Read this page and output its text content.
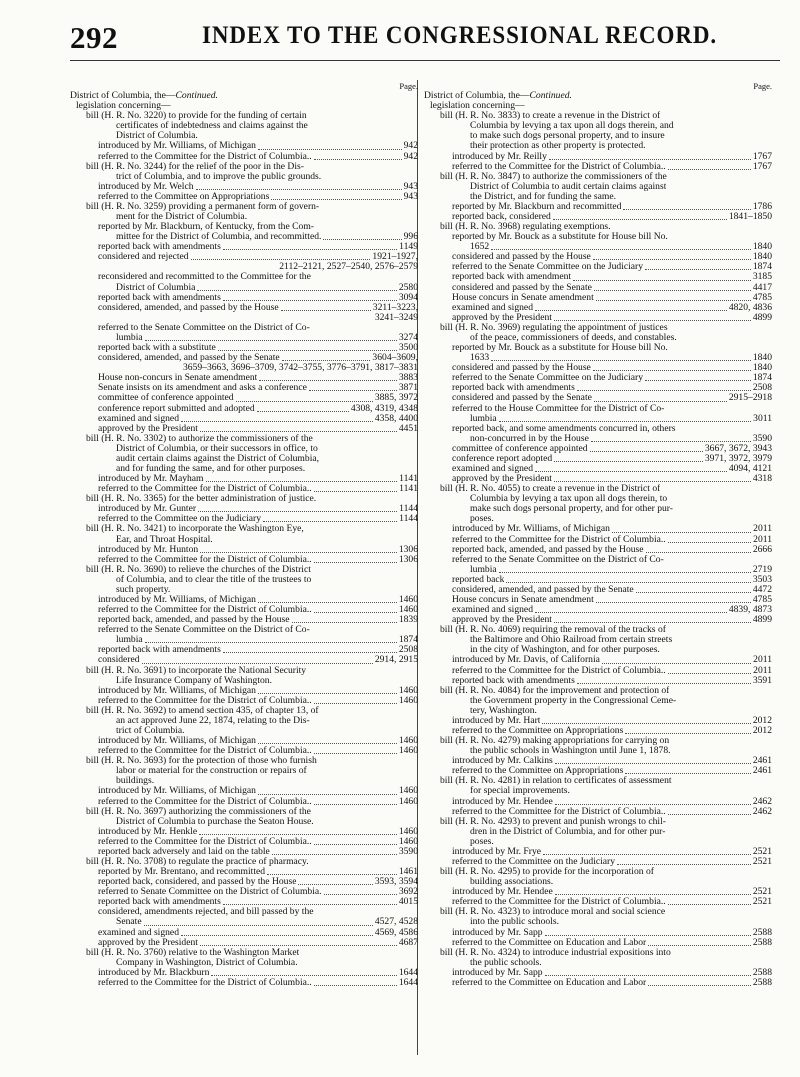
292	INDEX TO THE CONGRESSIONAL RECORD.
Page.
District of Columbia, the— Continued.
legislation concerning—
bill (H. R. No. 3220) to provide for the funding of certain
certificates of indebtedness and claims against the
District of Columbia.
introduced by Mr. Williams, of Michigan	942
referred to the Committee for the District of Columbia..	942
bill (H. R. No. 3244) for the relief of the poor in the Dis-
trict of Columbia, and to improve the public grounds.
introduced by Mr. Welch	943
referred to the Committee on Appropriations	943
bill (H. R. No. 3259) providing a permanent form of govern-
ment for the District of Columbia.
reported by Mr. Blackburn, of Kentucky, from the Com-
mittee for the District of Columbia, and recommitted.	996
reported back with amendments	1149
considered and rejected	1921–1927,
2112–2121, 2527–2540, 2576–2579
reconsidered and recommitted to the Committee for the
District of Columbia	2580
reported back with amendments	3094
considered, amended, and passed by the House	3211–3223,
3241–3249
referred to the Senate Committee on the District of Co-
lumbia	3274
reported back with a substitute	3500
considered, amended, and passed by the Senate	3604–3609,
3659–3663, 3696–3709, 3742–3755, 3776–3791, 3817–3831
House non-concurs in Senate amendment	3883
Senate insists on its amendment and asks a conference	3871
committee of conference appointed	3885, 3972
conference report submitted and adopted	4308, 4319, 4348
examined and signed	4358, 4400
approved by the President	4451
bill (H. R. No. 3302) to authorize the commissioners of the
District of Columbia, or their successors in office, to
audit certain claims against the District of Columbia,
and for funding the same, and for other purposes.
introduced by Mr. Mayham	1141
referred to the Committee for the District of Columbia..	1141
bill (H. R. No. 3365) for the better administration of justice.
introduced by Mr. Gunter	1144
referred to the Committee on the Judiciary	1144
bill (H. R. No. 3421) to incorporate the Washington Eye,
Ear, and Throat Hospital.
introduced by Mr. Hunton	1306
referred to the Committee for the District of Columbia..	1306
bill (H. R. No. 3690) to relieve the churches of the District
of Columbia, and to clear the title of the trustees to
such property.
introduced by Mr. Williams, of Michigan	1460
referred to the Committee for the District of Columbia..	1460
reported back, amended, and passed by the House	1839
referred to the Senate Committee on the District of Co-
lumbia	1874
reported back with amendments	2508
considered	2914, 2915
bill (H. R. No. 3691) to incorporate the National Security
Life Insurance Company of Washington.
introduced by Mr. Williams, of Michigan	1460
referred to the Committee for the District of Columbia..	1460
bill (H. R. No. 3692) to amend section 435, of chapter 13, of
an act approved June 22, 1874, relating to the Dis-
trict of Columbia.
introduced by Mr. Williams, of Michigan	1460
referred to the Committee for the District of Columbia..	1460
bill (H. R. No. 3693) for the protection of those who furnish
labor or material for the construction or repairs of
buildings.
introduced by Mr. Williams, of Michigan	1460
referred to the Committee for the District of Columbia..	1460
bill (H. R. No. 3697) authorizing the commissioners of the
District of Columbia to purchase the Seaton House.
introduced by Mr. Henkle	1460
referred to the Committee for the District of Columbia..	1460
reported back adversely and laid on the table	3590
bill (H. R. No. 3708) to regulate the practice of pharmacy.
reported by Mr. Brentano, and recommitted	1461
reported back, considered, and passed by the House	3593, 3594
referred to Senate Committee on the District of Columbia.	3692
reported back with amendments	4015
considered, amendments rejected, and bill passed by the
Senate	4527, 4528
examined and signed	4569, 4586
approved by the President	4687
bill (H. R. No. 3760) relative to the Washington Market
Company in Washington, District of Columbia.
introduced by Mr. Blackburn	1644
referred to the Committee for the District of Columbia..	1644
Page.
District of Columbia, the— Continued.
legislation concerning—
bill (H. R. No. 3833) to create a revenue in the District of
Columbia by levying a tax upon all dogs therein, and
to make such dogs personal property, and to insure
their protection as other property is protected.
introduced by Mr. Reilly	1767
referred to the Committee for the District of Columbia..	1767
bill (H. R. No. 3847) to authorize the commissioners of the
District of Columbia to audit certain claims against
the District, and for funding the same.
reported by Mr. Blackburn and recommitted	1786
reported back, considered	1841–1850
bill (H. R. No. 3968) regulating exemptions.
reported by Mr. Bouck as a substitute for House bill No.
1652	1840
considered and passed by the House	1840
referred to the Senate Committee on the Judiciary	1874
reported back with amendment	3185
considered and passed by the Senate	4417
House concurs in Senate amendment	4785
examined and signed	4820, 4836
approved by the President	4899
bill (H. R. No. 3969) regulating the appointment of justices
of the peace, commissioners of deeds, and constables.
reported by Mr. Bouck as a substitute for House bill No.
1633	1840
considered and passed by the House	1840
referred to the Senate Committee on the Judiciary	1874
reported back with amendments	2508
considered and passed by the Senate	2915–2918
referred to the House Committee for the District of Co-
lumbia	3011
reported back, and some amendments concurred in, others
non-concurred in by the House	3590
committee of conference appointed	3667, 3672, 3943
conference report adopted	3971, 3972, 3979
examined and signed	4094, 4121
approved by the President	4318
bill (H. R. No. 4055) to create a revenue in the District of
Columbia by levying a tax upon all dogs therein, to
make such dogs personal property, and for other pur-
poses.
introduced by Mr. Williams, of Michigan	2011
referred to the Committee for the District of Columbia..	2011
reported back, amended, and passed by the House	2666
referred to the Senate Committee on the District of Co-
lumbia	2719
reported back	3503
considered, amended, and passed by the Senate	4472
House concurs in Senate amendment	4785
examined and signed	4839, 4873
approved by the President	4899
bill (H. R. No. 4069) requiring the removal of the tracks of
the Baltimore and Ohio Railroad from certain streets
in the city of Washington, and for other purposes.
introduced by Mr. Davis, of California	2011
referred to the Committee for the District of Columbia..	2011
reported back with amendments	3591
bill (H. R. No. 4084) for the improvement and protection of
the Government property in the Congressional Ceme-
tery, Washington.
introduced by Mr. Hart	2012
referred to the Committee on Appropriations	2012
bill (H. R. No. 4279) making appropriations for carrying on
the public schools in Washington until June 1, 1878.
introduced by Mr. Calkins	2461
referred to the Committee on Appropriations	2461
bill (H. R. No. 4281) in relation to certificates of assessment
for special improvements.
introduced by Mr. Hendee	2462
referred to the Committee for the District of Columbia..	2462
bill (H. R. No. 4293) to prevent and punish wrongs to chil-
dren in the District of Columbia, and for other pur-
poses.
introduced by Mr. Frye	2521
referred to the Committee on the Judiciary	2521
bill (H. R. No. 4295) to provide for the incorporation of
building associations.
introduced by Mr. Hendee	2521
referred to the Committee for the District of Columbia..	2521
bill (H. R. No. 4323) to introduce moral and social science
into the public schools.
introduced by Mr. Sapp	2588
referred to the Committee on Education and Labor	2588
bill (H. R. No. 4324) to introduce industrial expositions into
the public schools.
introduced by Mr. Sapp	2588
referred to the Committee on Education and Labor	2588
